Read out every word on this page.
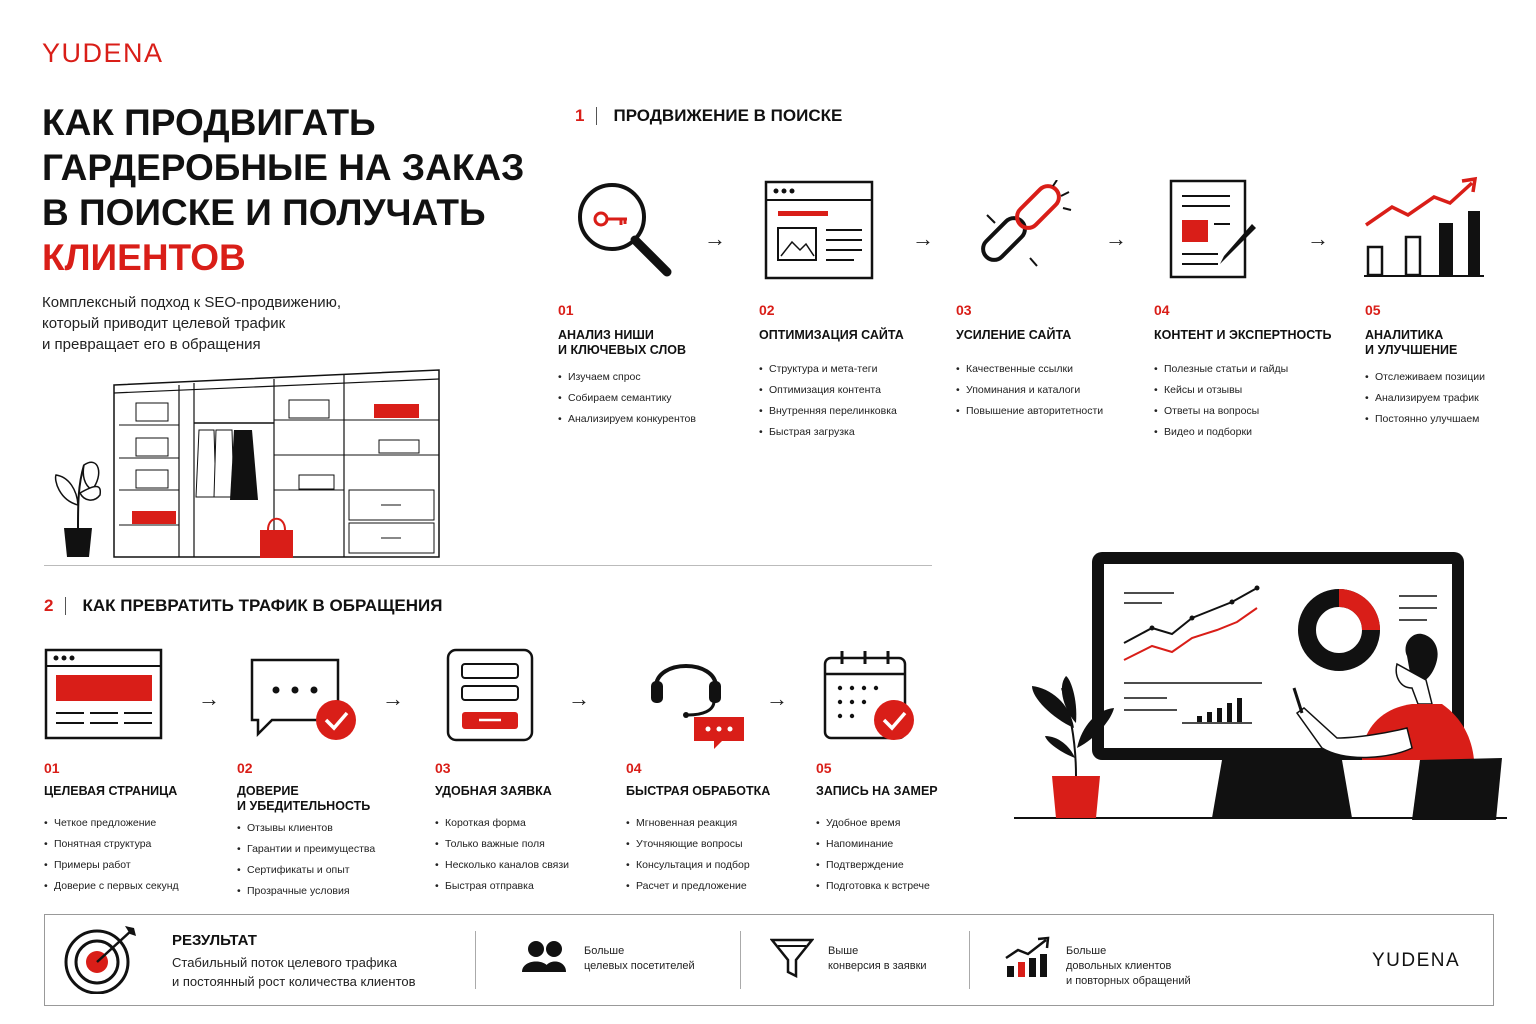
YUDENA
КАК ПРОДВИГАТЬ
ГАРДЕРОБНЫЕ НА ЗАКАЗ
В ПОИСКЕ И ПОЛУЧАТЬ
КЛИЕНТОВ
Комплексный подход к SEO-продвижению,
который приводит целевой трафик
и превращает его в обращения
1 ПРОДВИЖЕНИЕ В ПОИСКЕ
→	→	→	→
01
АНАЛИЗ НИШИ
И КЛЮЧЕВЫХ СЛОВ
• Изучаем спрос
• Собираем семантику
• Анализируем конкурентов
02
ОПТИМИЗАЦИЯ САЙТА
• Структура и мета-теги
• Оптимизация контента
• Внутренняя перелинковка
• Быстрая загрузка
03
УСИЛЕНИЕ САЙТА
• Качественные ссылки
• Упоминания и каталоги
• Повышение авторитетности
04
КОНТЕНТ И ЭКСПЕРТНОСТЬ
• Полезные статьи и гайды
• Кейсы и отзывы
• Ответы на вопросы
• Видео и подборки
05
АНАЛИТИКА
И УЛУЧШЕНИЕ
• Отслеживаем позиции
• Анализируем трафик
• Постоянно улучшаем
2 КАК ПРЕВРАТИТЬ ТРАФИК В ОБРАЩЕНИЯ
→	→	→	→
01
ЦЕЛЕВАЯ СТРАНИЦА
• Четкое предложение
• Понятная структура
• Примеры работ
• Доверие с первых секунд
02
ДОВЕРИЕ
И УБЕДИТЕЛЬНОСТЬ
• Отзывы клиентов
• Гарантии и преимущества
• Сертификаты и опыт
• Прозрачные условия
03
УДОБНАЯ ЗАЯВКА
• Короткая форма
• Только важные поля
• Несколько каналов связи
• Быстрая отправка
04
БЫСТРАЯ ОБРАБОТКА
• Мгновенная реакция
• Уточняющие вопросы
• Консультация и подбор
• Расчет и предложение
05
ЗАПИСЬ НА ЗАМЕР
• Удобное время
• Напоминание
• Подтверждение
• Подготовка к встрече
РЕЗУЛЬТАТ
Стабильный поток целевого трафика
и постоянный рост количества клиентов
Больше
целевых посетителей
Выше
конверсия в заявки
Больше
довольных клиентов
и повторных обращений
YUDENA
